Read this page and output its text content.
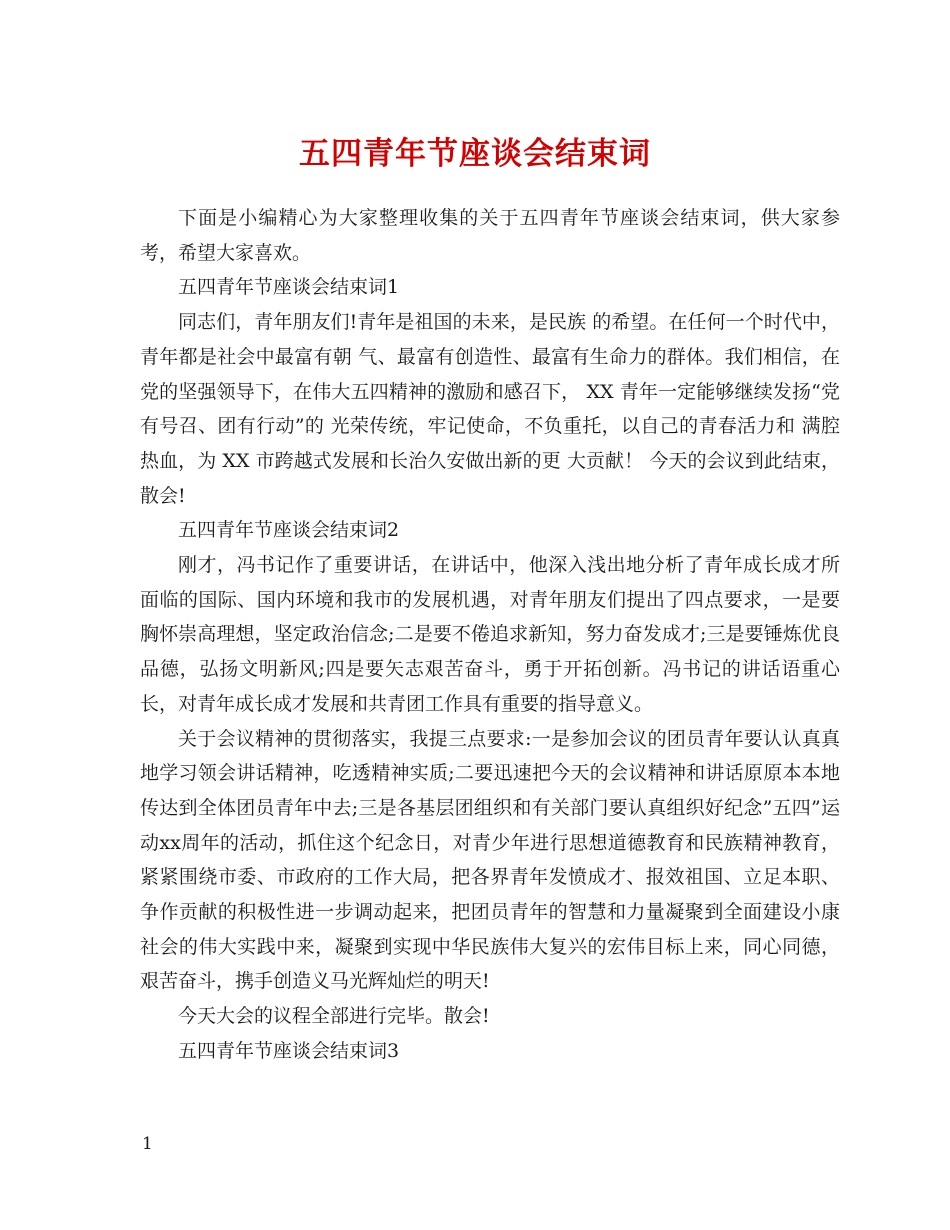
五四青年节座谈会结束词

下面是小编精心为大家整理收集的关于五四青年节座谈会结束词，供大家参考，希望大家喜欢。

五四青年节座谈会结束词1

同志们，青年朋友们!青年是祖国的未来，是民族 的希望。在任何一个时代中，青年都是社会中最富有朝 气、最富有创造性、最富有生命力的群体。我们相信，在党的坚强领导下，在伟大五四精神的激励和感召下， XX 青年一定能够继续发扬“党有号召、团有行动”的 光荣传统，牢记使命，不负重托，以自己的青春活力和 满腔热血，为 XX 市跨越式发展和长治久安做出新的更 大贡献！ 今天的会议到此结束，散会!

五四青年节座谈会结束词2

刚才，冯书记作了重要讲话，在讲话中，他深入浅出地分析了青年成长成才所面临的国际、国内环境和我市的发展机遇，对青年朋友们提出了四点要求，一是要胸怀崇高理想，坚定政治信念;二是要不倦追求新知，努力奋发成才;三是要锤炼优良品德，弘扬文明新风;四是要矢志艰苦奋斗，勇于开拓创新。冯书记的讲话语重心长，对青年成长成才发展和共青团工作具有重要的指导意义。

关于会议精神的贯彻落实，我提三点要求:一是参加会议的团员青年要认认真真地学习领会讲话精神，吃透精神实质;二要迅速把今天的会议精神和讲话原原本本地传达到全体团员青年中去;三是各基层团组织和有关部门要认真组织好纪念”五四”运动xx周年的活动，抓住这个纪念日，对青少年进行思想道德教育和民族精神教育，紧紧围绕市委、市政府的工作大局，把各界青年发愤成才、报效祖国、立足本职、争作贡献的积极性进一步调动起来，把团员青年的智慧和力量凝聚到全面建设小康社会的伟大实践中来，凝聚到实现中华民族伟大复兴的宏伟目标上来，同心同德，艰苦奋斗，携手创造义马光辉灿烂的明天!

今天大会的议程全部进行完毕。散会!

五四青年节座谈会结束词3

1
